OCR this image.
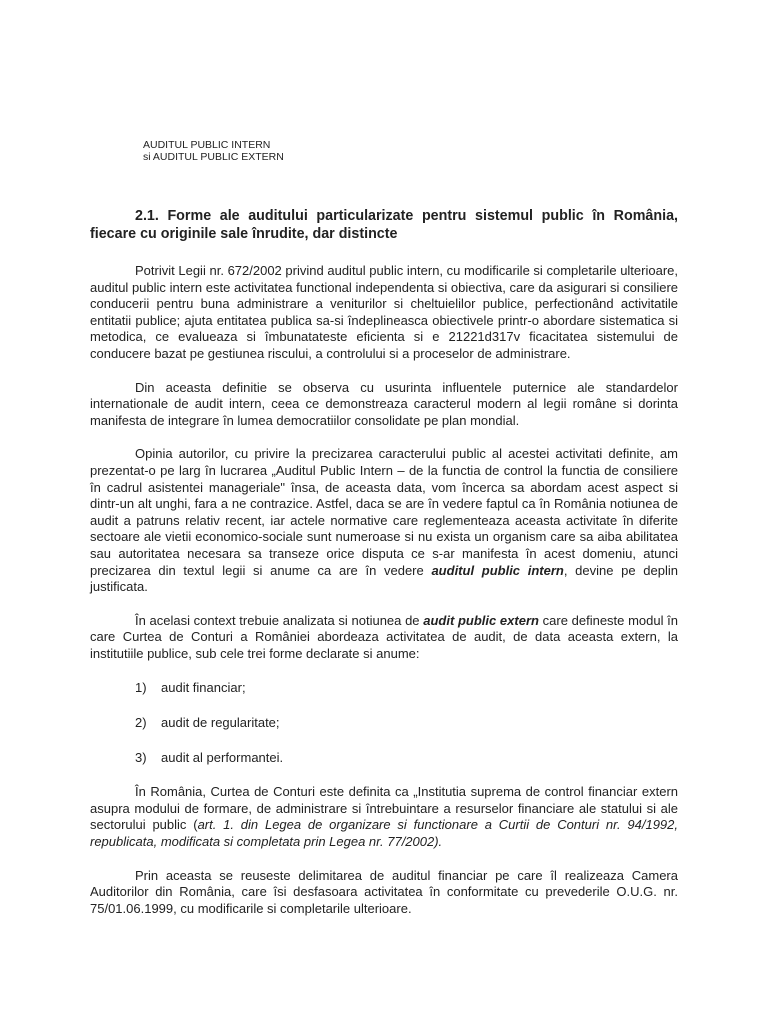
AUDITUL PUBLIC INTERN
si AUDITUL PUBLIC EXTERN
2.1. Forme ale auditului particularizate pentru sistemul public în România, fiecare cu originile sale înrudite, dar distincte

Potrivit Legii nr. 672/2002 privind auditul public intern, cu modificarile si completarile ulterioare, auditul public intern este activitatea functional independenta si obiectiva, care da asigurari si consiliere conducerii pentru buna administrare a veniturilor si cheltuielilor publice, perfectionând activitatile entitatii publice; ajuta entitatea publica sa-si îndeplineasca obiectivele printr-o abordare sistematica si metodica, ce evalueaza si îmbunatateste eficienta si e 21221d317v ficacitatea sistemului de conducere bazat pe gestiunea riscului, a controlului si a proceselor de administrare.

Din aceasta definitie se observa cu usurinta influentele puternice ale standardelor internationale de audit intern, ceea ce demonstreaza caracterul modern al legii române si dorinta manifesta de integrare în lumea democratiilor consolidate pe plan mondial.

Opinia autorilor, cu privire la precizarea caracterului public al acestei activitati definite, am prezentat-o pe larg în lucrarea „Auditul Public Intern – de la functia de control la functia de consiliere în cadrul asistentei manageriale" însa, de aceasta data, vom încerca sa abordam acest aspect si dintr-un alt unghi, fara a ne contrazice. Astfel, daca se are în vedere faptul ca în România notiunea de audit a patruns relativ recent, iar actele normative care reglementeaza aceasta activitate în diferite sectoare ale vietii economico-sociale sunt numeroase si nu exista un organism care sa aiba abilitatea sau autoritatea necesara sa transeze orice disputa ce s-ar manifesta în acest domeniu, atunci precizarea din textul legii si anume ca are în vedere auditul public intern, devine pe deplin justificata.

În acelasi context trebuie analizata si notiunea de audit public extern care defineste modul în care Curtea de Conturi a României abordeaza activitatea de audit, de data aceasta extern, la institutiile publice, sub cele trei forme declarate si anume:

1) audit financiar;
2) audit de regularitate;
3) audit al performantei.

În România, Curtea de Conturi este definita ca „Institutia suprema de control financiar extern asupra modului de formare, de administrare si întrebuintare a resurselor financiare ale statului si ale sectorului public (art. 1. din Legea de organizare si functionare a Curtii de Conturi nr. 94/1992, republicata, modificata si completata prin Legea nr. 77/2002).

Prin aceasta se reuseste delimitarea de auditul financiar pe care îl realizeaza Camera Auditorilor din România, care îsi desfasoara activitatea în conformitate cu prevederile O.U.G. nr. 75/01.06.1999, cu modificarile si completarile ulterioare.
